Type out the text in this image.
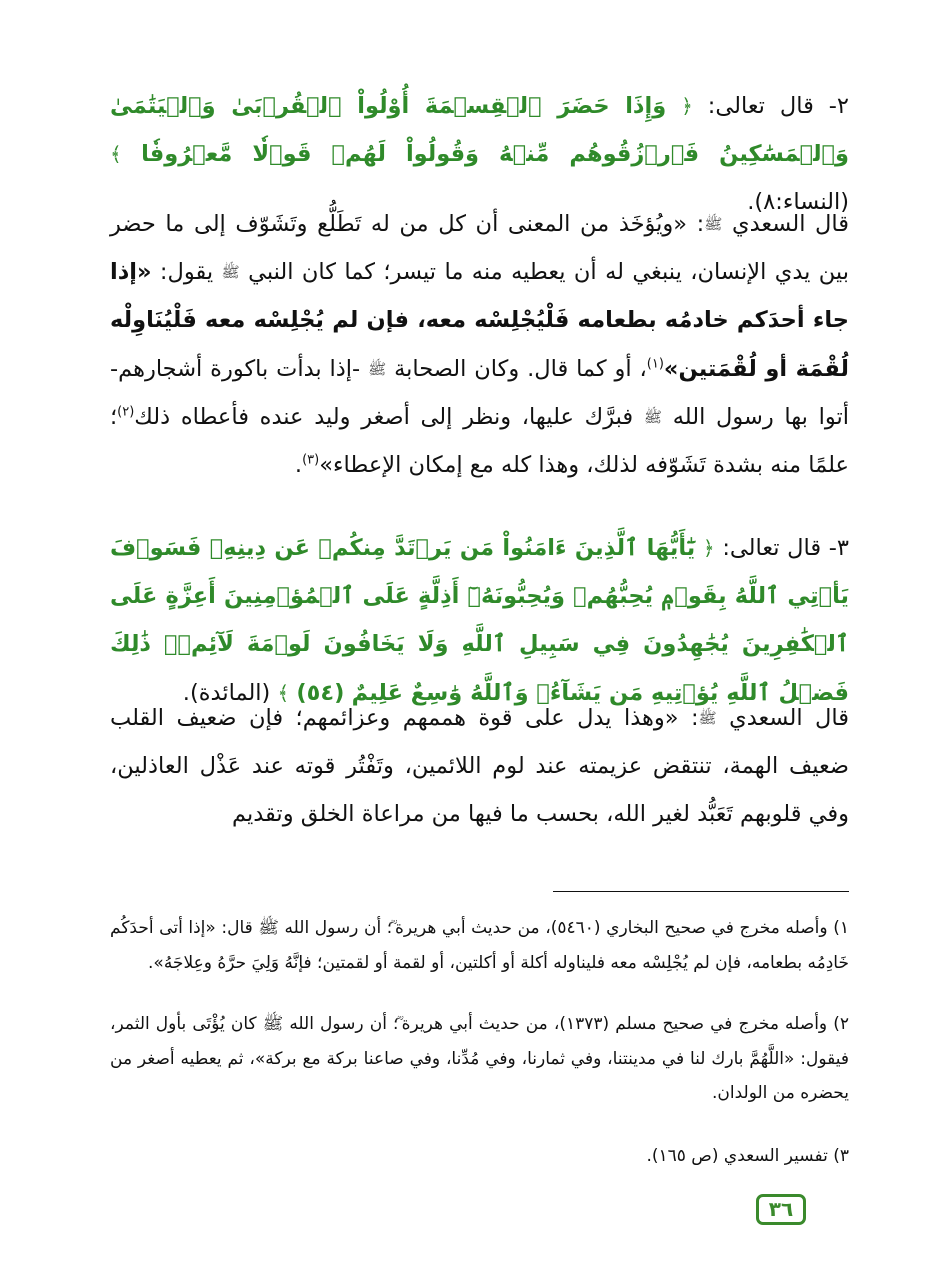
٢- قال تعالى: ﴿ وَإِذَا حَضَرَ ٱلۡقِسۡمَةَ أُوْلُواْ ٱلۡقُرۡبَىٰ وَٱلۡيَتَٰمَىٰ وَٱلۡمَسَٰكِينُ فَٱرۡزُقُوهُم مِّنۡهُ وَقُولُواْ لَهُمۡ قَوۡلٗا مَّعۡرُوفٗا ﴾ (النساء:٨).
قال السعدي ﷺ: «ويُؤخَذ من المعنى أن كل من له تَطَلُّع وتَشَوّف إلى ما حضر بين يدي الإنسان، ينبغي له أن يعطيه منه ما تيسر؛ كما كان النبي ﷺ يقول: «إذا جاء أحدَكم خادمُه بطعامه فَلْيُجْلِسْه معه، فإن لم يُجْلِسْه معه فَلْيُنَاوِلْه لُقْمَة أو لُقْمَتين»$^{(١)}$، أو كما قال. وكان الصحابة ﷺ -إذا بدأت باكورة أشجارهم- أتوا بها رسول الله ﷺ فبرَّك عليها، ونظر إلى أصغر وليد عنده فأعطاه ذلك$^{(٢)}$؛ علمًا منه بشدة تَشَوّفه لذلك، وهذا كله مع إمكان الإعطاء»$^{(٣)}$.
٣- قال تعالى: ﴿ يَٰٓأَيُّهَا ٱلَّذِينَ ءَامَنُواْ مَن يَرۡتَدَّ مِنكُمۡ عَن دِينِهِۦ فَسَوۡفَ يَأۡتِي ٱللَّهُ بِقَوۡمٖ يُحِبُّهُمۡ وَيُحِبُّونَهُۥٓ أَذِلَّةٍ عَلَى ٱلۡمُؤۡمِنِينَ أَعِزَّةٍ عَلَى ٱلۡكَٰفِرِينَ يُجَٰهِدُونَ فِي سَبِيلِ ٱللَّهِ وَلَا يَخَافُونَ لَوۡمَةَ لَآئِمٖۚ ذَٰلِكَ فَضۡلُ ٱللَّهِ يُؤۡتِيهِ مَن يَشَآءُۚ وَٱللَّهُ وَٰسِعٌ عَلِيمٌ (٥٤) ﴾ (المائدة).
قال السعدي ﷺ: «وهذا يدل على قوة هممهم وعزائمهم؛ فإن ضعيف القلب ضعيف الهمة، تنتقض عزيمته عند لوم اللائمين، وتَفْتُر قوته عند عَذْل العاذلين، وفي قلوبهم تَعَبُّد لغير الله، بحسب ما فيها من مراعاة الخلق وتقديم
١) وأصله مخرج في صحيح البخاري (٥٤٦٠)، من حديث أبي هريرة ؓ؛ أن رسول الله ﷺ قال: «إذا أتى أحدَكُم خَادِمُه بطعامه، فإن لم يُجْلِسْه معه فليناوله أكلة أو أكلتين، أو لقمة أو لقمتين؛ فإنَّهُ وَلِيَ حرَّهُ وعِلاجَهُ».
٢) وأصله مخرج في صحيح مسلم (١٣٧٣)، من حديث أبي هريرة ؓ؛ أن رسول الله ﷺ كان يُؤْتَى بأول الثمر، فيقول: «اللَّهُمَّ بارك لنا في مدينتنا، وفي ثمارنا، وفي مُدِّنا، وفي صاعنا بركة مع بركة»، ثم يعطيه أصغر من يحضره من الولدان.
٣) تفسير السعدي (ص ١٦٥).
٣٦
